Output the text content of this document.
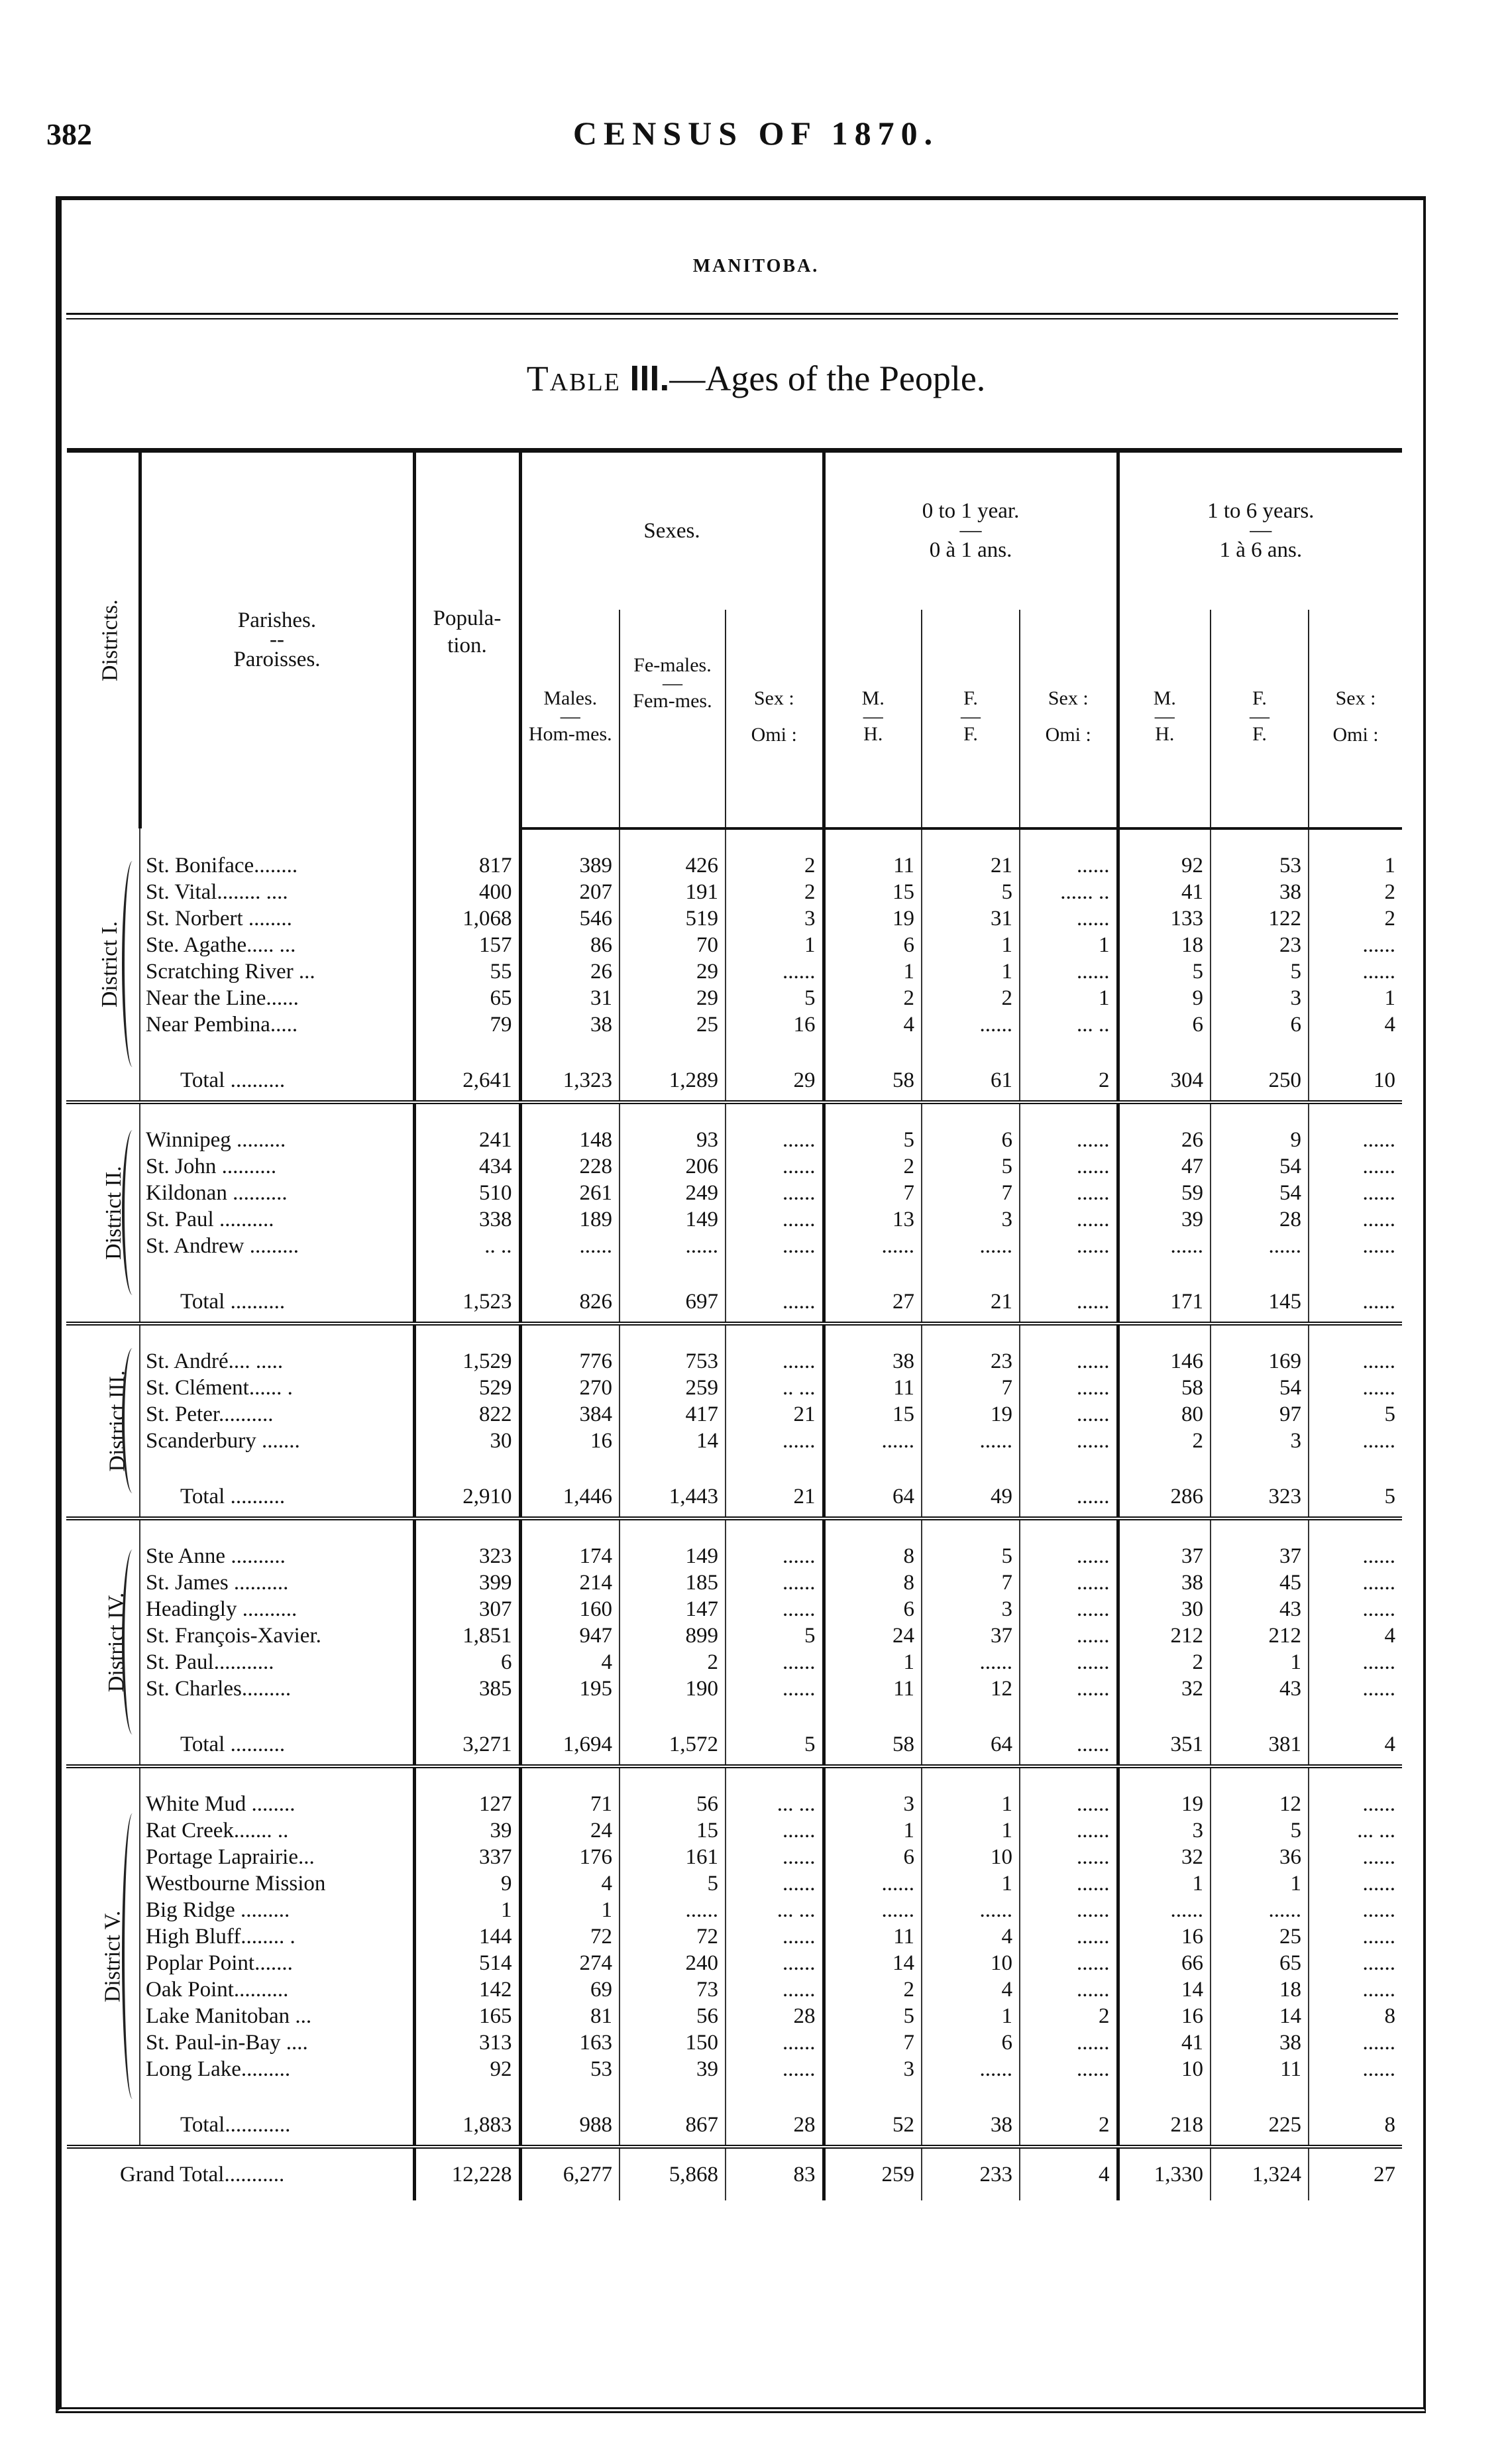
382	CENSUS OF 1870.
MANITOBA.
Table III.—Ages of the People.
Districts.	Parishes.
--
Paroisses.	Popula-tion.	Sexes.			0 to 1 year.
—
0 à 1 ans.			1 to 6 years.
—
1 à 6 ans.		

			Males.
—
Hom-mes.	Fe-males.
—
Fem-mes.	Sex :
Omi :	M.
—
H.	F.
—
F.	Sex :
Omi :	M.
—
H.	F.
—
F.	Sex :
Omi :

District I.

	St. Boniface........	817	389	426	2	11	21	......	92	53	1
	St. Vital........ ....	400	207	191	2	15	5	...... ..	41	38	2
	St. Norbert ........	1,068	546	519	3	19	31	......	133	122	2
	Ste. Agathe..... ...	157	86	70	1	6	1	1	18	23	......
	Scratching River ...	55	26	29	......	1	1	......	5	5	......
	Near the Line......	65	31	29	5	2	2	1	9	3	1
	Near Pembina.....	79	38	25	16	4	......	... ..	6	6	4

	Total ..........	2,641	1,323	1,289	29	58	61	2	304	250	10

District II.

	Winnipeg .........	241	148	93	......	5	6	......	26	9	......
	St. John ..........	434	228	206	......	2	5	......	47	54	......
	Kildonan ..........	510	261	249	......	7	7	......	59	54	......
	St. Paul ..........	338	189	149	......	13	3	......	39	28	......
	St. Andrew .........	.. ..	......	......	......	......	......	......	......	......	......

	Total ..........	1,523	826	697	......	27	21	......	171	145	......

District III.

	St. André.... .....	1,529	776	753	......	38	23	......	146	169	......
	St. Clément...... .	529	270	259	.. ...	11	7	......	58	54	......
	St. Peter..........	822	384	417	21	15	19	......	80	97	5
	Scanderbury .......	30	16	14	......	......	......	......	2	3	......

	Total ..........	2,910	1,446	1,443	21	64	49	......	286	323	5

District IV.

	Ste Anne ..........	323	174	149	......	8	5	......	37	37	......
	St. James ..........	399	214	185	......	8	7	......	38	45	......
	Headingly ..........	307	160	147	......	6	3	......	30	43	......
	St. François-Xavier.	1,851	947	899	5	24	37	......	212	212	4
	St. Paul...........	6	4	2	......	1	......	......	2	1	......
	St. Charles.........	385	195	190	......	11	12	......	32	43	......

	Total ..........	3,271	1,694	1,572	5	58	64	......	351	381	4

District V.

	White Mud ........	127	71	56	... ...	3	1	......	19	12	......
	Rat Creek....... ..	39	24	15	......	1	1	......	3	5	... ...
	Portage Laprairie...	337	176	161	......	6	10	......	32	36	......
	Westbourne Mission	9	4	5	......	......	1	......	1	1	......
	Big Ridge .........	1	1	......	... ...	......	......	......	......	......	......
	High Bluff........ .	144	72	72	......	11	4	......	16	25	......
	Poplar Point.......	514	274	240	......	14	10	......	66	65	......
	Oak Point..........	142	69	73	......	2	4	......	14	18	......
	Lake Manitoban ...	165	81	56	28	5	1	2	16	14	8
	St. Paul-in-Bay ....	313	163	150	......	7	6	......	41	38	......
	Long Lake.........	92	53	39	......	3	......	......	10	11	......

	Total............	1,883	988	867	28	52	38	2	218	225	8
Grand Total...........		12,228	6,277	5,868	83	259	233	4	1,330	1,324	27
